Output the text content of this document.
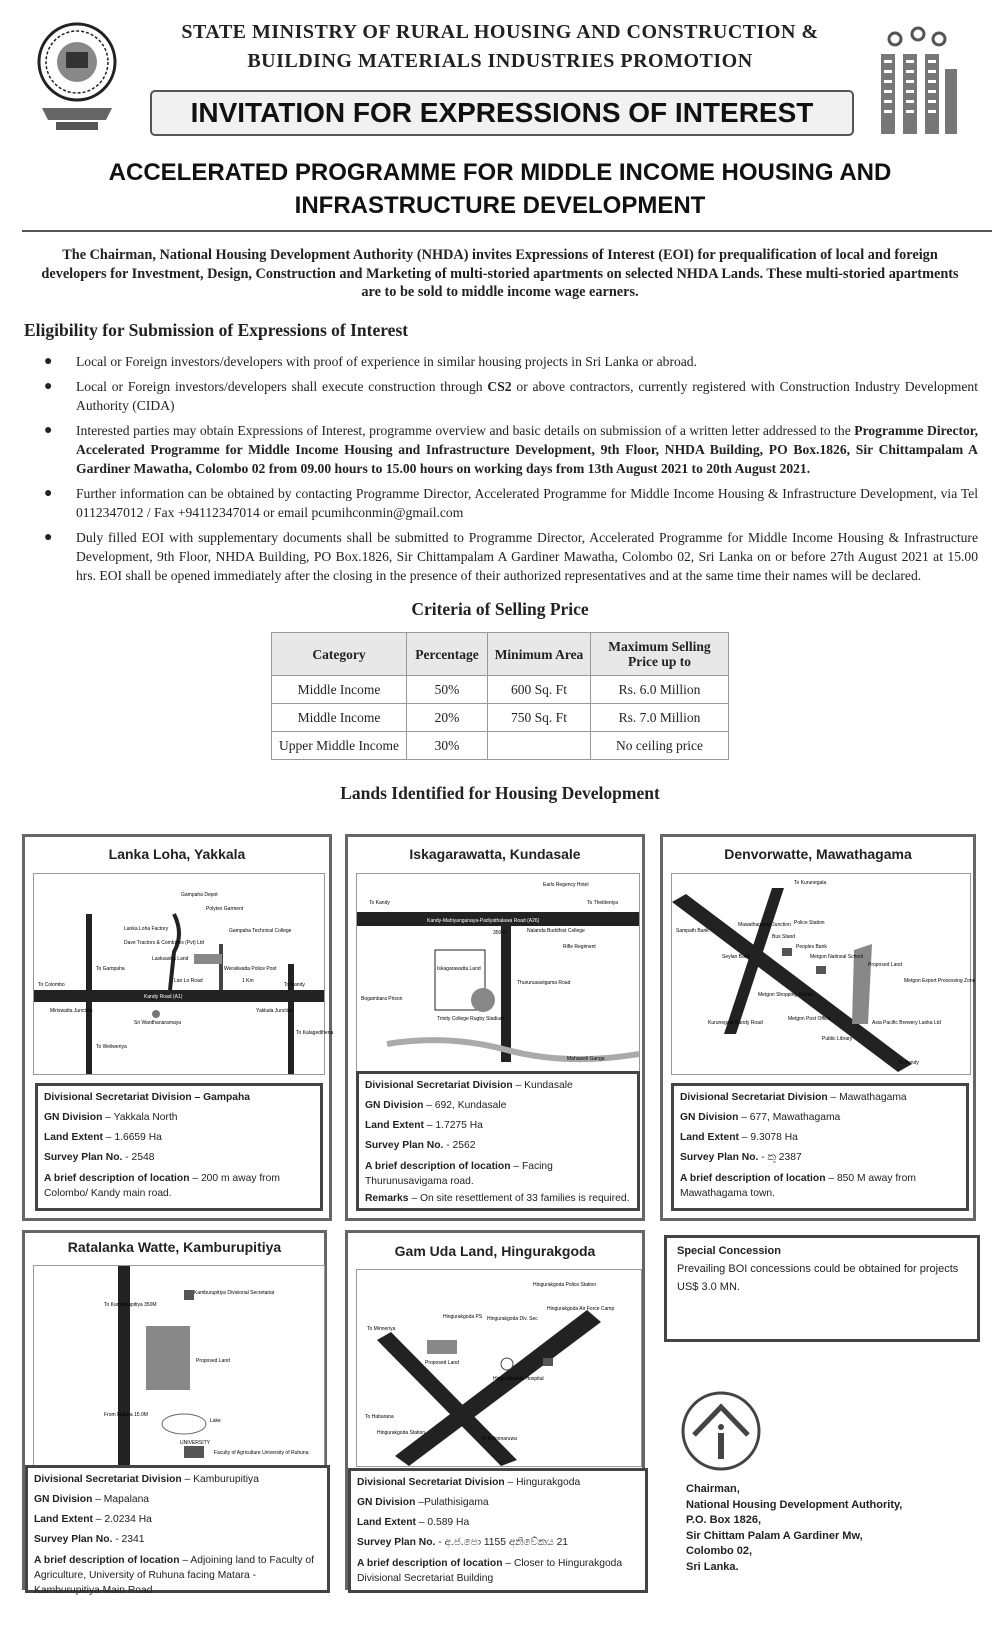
STATE MINISTRY OF RURAL HOUSING AND CONSTRUCTION &
BUILDING MATERIALS INDUSTRIES PROMOTION
INVITATION FOR EXPRESSIONS OF INTEREST
ACCELERATED PROGRAMME FOR MIDDLE INCOME HOUSING AND
INFRASTRUCTURE DEVELOPMENT
The Chairman, National Housing Development Authority (NHDA) invites Expressions of Interest (EOI) for prequalification of local and foreign developers for Investment, Design, Construction and Marketing of multi-storied apartments on selected NHDA Lands. These multi-storied apartments are to be sold to middle income wage earners.
Eligibility for Submission of Expressions of Interest
● Local or Foreign investors/developers with proof of experience in similar housing projects in Sri Lanka or abroad.
● Local or Foreign investors/developers shall execute construction through CS2 or above contractors, currently registered with Construction Industry Development Authority (CIDA)
● Interested parties may obtain Expressions of Interest, programme overview and basic details on submission of a written letter addressed to the Programme Director, Accelerated Programme for Middle Income Housing and Infrastructure Development, 9th Floor, NHDA Building, PO Box.1826, Sir Chittampalam A Gardiner Mawatha, Colombo 02 from 09.00 hours to 15.00 hours on working days from 13th August 2021 to 20th August 2021.
● Further information can be obtained by contacting Programme Director, Accelerated Programme for Middle Income Housing & Infrastructure Development, via Tel 0112347012 / Fax +94112347014 or email pcumihconmin@gmail.com
● Duly filled EOI with supplementary documents shall be submitted to Programme Director, Accelerated Programme for Middle Income Housing & Infrastructure Development, 9th Floor, NHDA Building, PO Box.1826, Sir Chittampalam A Gardiner Mawatha, Colombo 02, Sri Lanka on or before 27th August 2021 at 15.00 hrs. EOI shall be opened immediately after the closing in the presence of their authorized representatives and at the same time their names will be declared.
Criteria of Selling Price
Category	Percentage	Minimum Area	Maximum Selling Price up to
Middle Income	50%	600 Sq. Ft	Rs. 6.0 Million
Middle Income	20%	750 Sq. Ft	Rs. 7.0 Million
Upper Middle Income	30%		No ceiling price
Lands Identified for Housing Development
Lanka Loha, Yakkala
Gampaha Depot
Lanka Loha Factory
Dave Tractors & Combines (Pvt) Ltd
Polytex Garment
Gampaha Technical College
Lasksasha Land
Weraliwatta Police Post
Lan Lo Road	1 Km
To Colombo
Kandy Road (A1)
To Kandy
Miriswatta Junction	Yakkala Junction
Sri Wardhanaramaya
To Gampaha
To Weliweriya
To Kalagedihena
Divisional Secretariat Division – Gampaha
GN Division – Yakkala North
Land Extent – 1.6659 Ha
Survey Plan No. - 2548
A brief description of location – 200 m away from Colombo/ Kandy main road.
Iskagarawatta, Kundasale
Earls Regency Hotel
To Kandy	To Theldeniya
Kandy-Mahiyanganaya-Padiyathalawa Road (A26)
Nalanda Buddhist College
Rifle Regiment
Iskagarawatta Land
Thurunusavigama Road
Bogambara Prison
Trinity College Rugby Stadium
Mahaweli Ganga
350 m
Divisional Secretariat Division – Kundasale
GN Division – 692, Kundasale
Land Extent – 1.7275 Ha
Survey Plan No. - 2562
A brief description of location – Facing Thurunusavigama road.
Remarks – On site resettlement of 33 families is required.
Denvorwatte, Mawathagama
To Kurunegala
Mawathagama Junction Police Station
Sampath Bank
Seylan Bank
Bus Stand
Peoples Bank
Metgon Natinoal School
Proposed Land
Metgon Export Processing Zone
Metgon Shopping Center
Metgon Post Office
Public Library
Asia Pacific Brewery Lanka Ltd
To Kandy
Kurunegala-Kandy Road
Divisional Secretariat Division – Mawathagama
GN Division – 677, Mawathagama
Land Extent – 9.3078 Ha
Survey Plan No. - කු 2387
A brief description of location – 850 M away from Mawathagama town.
Ratalanka Watte, Kamburupitiya
Kamburupitiya Divisional Secretariat
Proposed Land
Lake
Faculty of Agriculture University of Ruhuna
To Kamburupitiya 350M
From Matara 15.0M
UNIVERSITY
Divisional Secretariat Division – Kamburupitiya
GN Division – Mapalana
Land Extent – 2.0234 Ha
Survey Plan No. - 2341
A brief description of location – Adjoining land to Faculty of Agriculture, University of Ruhuna facing Matara - Kamburupitiya Main Road.
Gam Uda Land, Hingurakgoda
Hingurakgoda Police Station
Hingurakgoda Air Force Camp
Hingurakgoda PS Hingurakgoda Div. Sec
Proposed Land
Hingurakgoda Hospital
To Minneriya
Hingurakgoda Station
To Polonnaruwa
To Habarana
Divisional Secretariat Division – Hingurakgoda
GN Division –Pulathisigama
Land Extent – 0.589 Ha
Survey Plan No. - අ.ජ.පො 1155 අනිවේකය 21
A brief description of location – Closer to Hingurakgoda Divisional Secretariat Building
Special Concession
Prevailing BOI concessions could be obtained for projects US$ 3.0 MN.
Chairman,
National Housing Development Authority,
P.O. Box 1826,
Sir Chittam Palam A Gardiner Mw,
Colombo 02,
Sri Lanka.
